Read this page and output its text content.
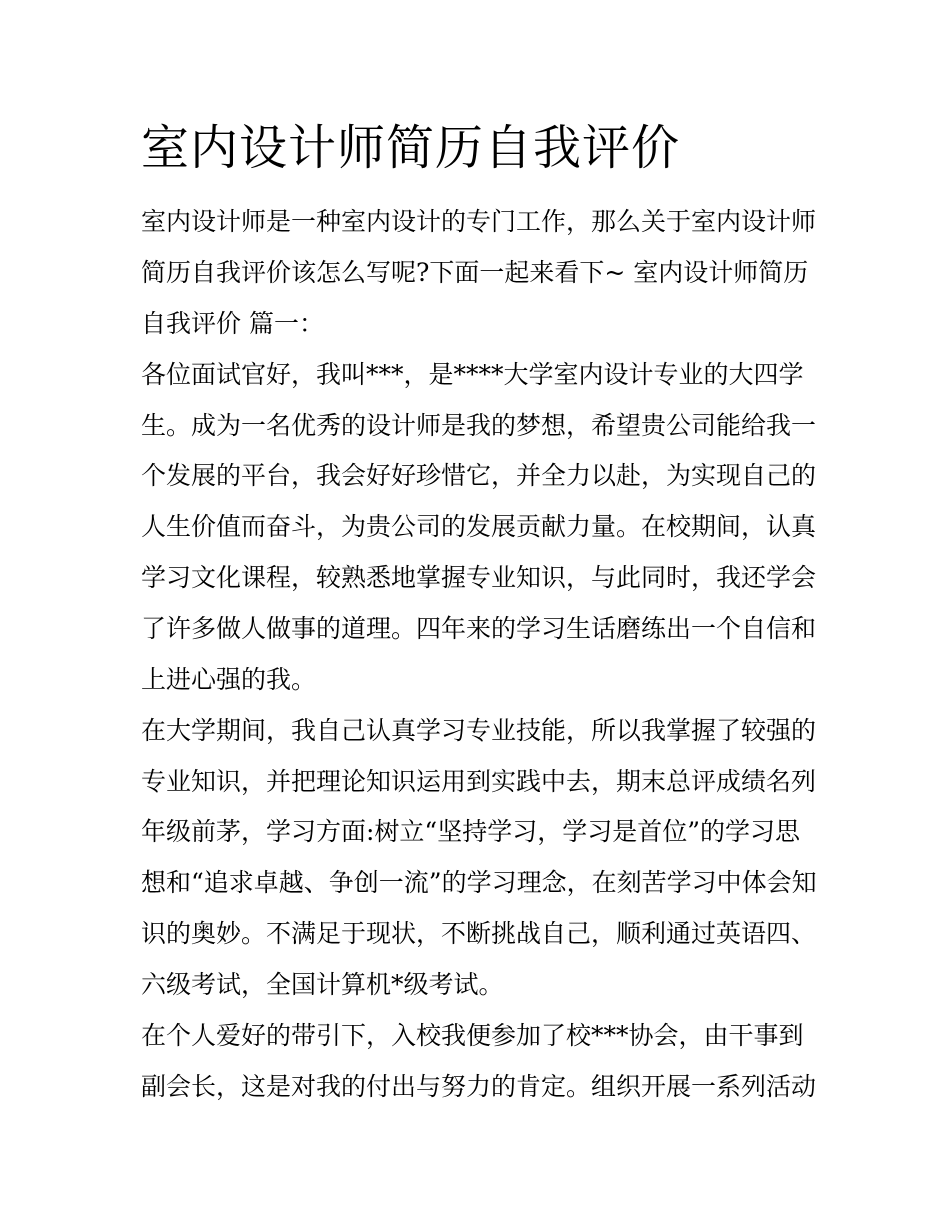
室内设计师简历自我评价

室内设计师是一种室内设计的专门工作，那么关于室内设计师

简历自我评价该怎么写呢?下面一起来看下~ 室内设计师简历

自我评价 篇一：

各位面试官好，我叫***，是****大学室内设计专业的大四学

生。成为一名优秀的设计师是我的梦想，希望贵公司能给我一

个发展的平台，我会好好珍惜它，并全力以赴，为实现自己的

人生价值而奋斗，为贵公司的发展贡献力量。在校期间，认真

学习文化课程，较熟悉地掌握专业知识，与此同时，我还学会

了许多做人做事的道理。四年来的学习生话磨练出一个自信和

上进心强的我。

在大学期间，我自己认真学习专业技能，所以我掌握了较强的

专业知识，并把理论知识运用到实践中去，期末总评成绩名列

年级前茅，学习方面:树立“坚持学习，学习是首位”的学习思

想和“追求卓越、争创一流”的学习理念，在刻苦学习中体会知

识的奥妙。不满足于现状，不断挑战自己，顺利通过英语四、

六级考试，全国计算机*级考试。

在个人爱好的带引下，入校我便参加了校***协会，由干事到

副会长，这是对我的付出与努力的肯定。组织开展一系列活动
